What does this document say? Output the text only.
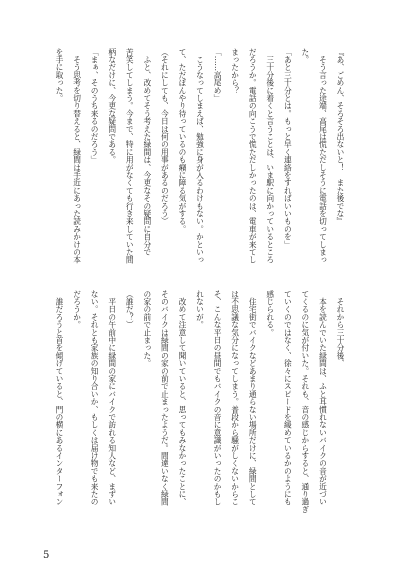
『あ、ごめん、そろそろ出ないと！　また後でな』
　そう言った途端、高尾は慌ただしそうに電話を切ってしまっ
た。
「あと三十分とは。もっと早く連絡をすればいいものを」
　三十分後に着くと言うことは、いま駅に向かっているところ
だろうか。電話の向こうで慌ただしかったのは、電車が来てし
まったから？
「……高尾め」
　こうなってしまえば、勉強に身が入るわけもない。かといっ
て、ただぼんやり待っているのも癪に障る気がする。
（それにしても、今日は何の用事があるのだろう）
　ふと、改めてそう考えた緑間は、今更なその疑問に自分で
苦笑してしまう。今まで、特に用がなくても行き来していた間
柄なだけに、今更な疑問である。
「まぁ、そのうち来るのだろう」
　そう思考を切り替えると、緑間は手近にあった読みかけの本
を手に取った。
　それから三十分後、
　本を読んでいた緑間は、ふと耳慣れないバイクの音が近づい
てくるのに気が付いた。それも、音の感じからすると、通り過ぎ
ていくのではなく、徐々にスピードを緩めているかのようにも
感じられる。
　住宅街でバイクなどあまり通らない場所だけに、緑間として
は不思議な気分になってしまう。普段から騒がしくないからこ
そ、こんな平日の昼間でもバイクの音に意識がいったのかもし
れないが。
　改めて注意して聞いていると、思ってもみなかったことに、
そのバイクは緑間の家の前で止まったようだ。間違いなく緑間
の家の前で止まった。
（誰だ？）
　平日の午前中に緑間の家にバイクで訪れる知人など、まずい
ない。それとも家族の知り合いか、もしくは届け物でも来たの
だろうか。
　誰だろうと首を傾げていると、門の横にあるインターフォン
5
